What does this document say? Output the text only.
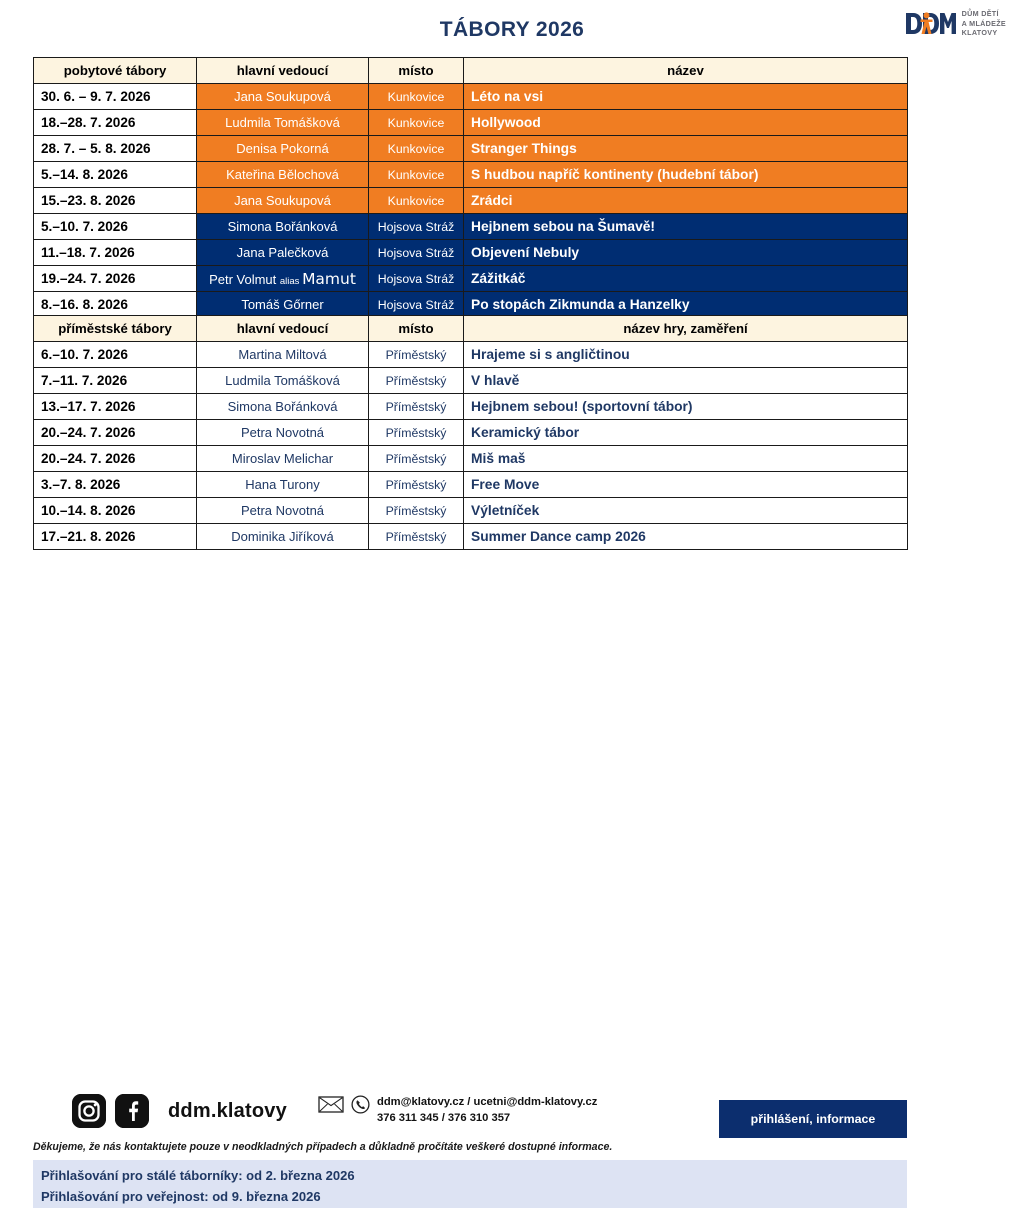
TÁBORY 2026
DŮM DĚTÍ
A MLÁDEŽE
KLATOVY
pobytové tábory	hlavní vedoucí	místo	název
30. 6. – 9. 7. 2026	Jana Soukupová	Kunkovice	Léto na vsi
18.–28. 7. 2026	Ludmila Tomášková	Kunkovice	Hollywood
28. 7. – 5. 8. 2026	Denisa Pokorná	Kunkovice	Stranger Things
5.–14. 8. 2026	Kateřina Bělochová	Kunkovice	S hudbou napříč kontinenty (hudební tábor)
15.–23. 8. 2026	Jana Soukupová	Kunkovice	Zrádci
5.–10. 7. 2026	Simona Bořánková	Hojsova Stráž	Hejbnem sebou na Šumavě!
11.–18. 7. 2026	Jana Palečková	Hojsova Stráž	Objevení Nebuly
19.–24. 7. 2026	Petr Volmut alias Mamut	Hojsova Stráž	Zážitkáč
8.–16. 8. 2026	Tomáš Gőrner	Hojsova Stráž	Po stopách Zikmunda a Hanzelky
příměstské tábory	hlavní vedoucí	místo	název hry, zaměření
6.–10. 7. 2026	Martina Miltová	Příměstský	Hrajeme si s angličtinou
7.–11. 7. 2026	Ludmila Tomášková	Příměstský	V hlavě
13.–17. 7. 2026	Simona Bořánková	Příměstský	Hejbnem sebou! (sportovní tábor)
20.–24. 7. 2026	Petra Novotná	Příměstský	Keramický tábor
20.–24. 7. 2026	Miroslav Melichar	Příměstský	Miš maš
3.–7. 8. 2026	Hana Turony	Příměstský	Free Move
10.–14. 8. 2026	Petra Novotná	Příměstský	Výletníček
17.–21. 8. 2026	Dominika Jiříková	Příměstský	Summer Dance camp 2026
ddm.klatovy	ddm@klatovy.cz / ucetni@ddm-klatovy.cz
376 311 345 / 376 310 357	přihlášení, informace
Děkujeme, že nás kontaktujete pouze v neodkladných případech a důkladně pročítáte veškeré dostupné informace.
Přihlašování pro stálé táborníky: od 2. března 2026
Přihlašování pro veřejnost: od 9. března 2026
